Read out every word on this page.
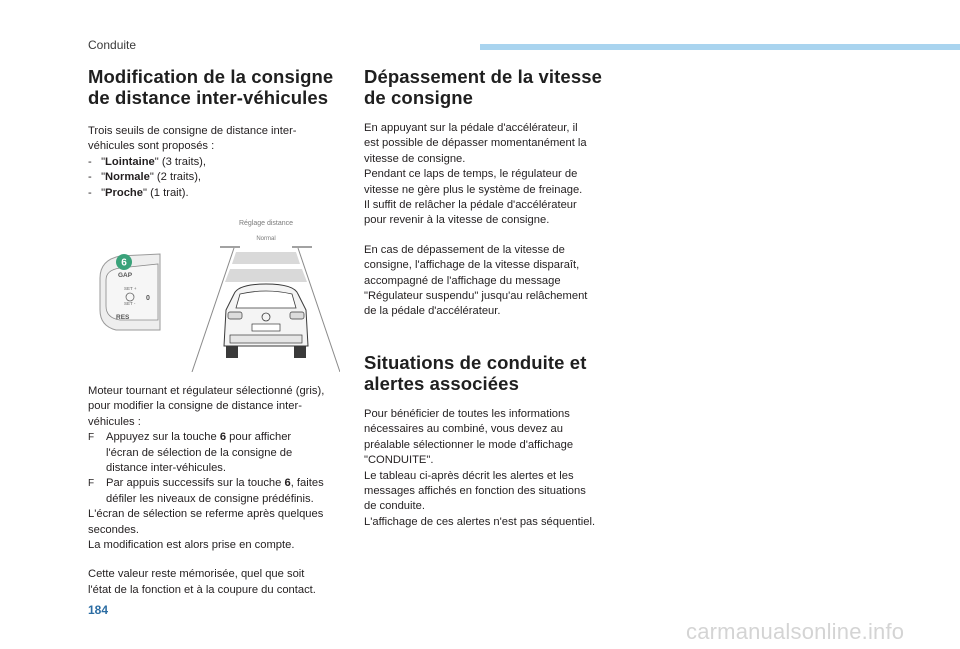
Conduite
Modification de la consigne
de distance inter-véhicules

Trois seuils de consigne de distance inter-
véhicules sont proposés :

- "Lointaine" (3 traits),
- "Normale" (2 traits),
- "Proche" (1 trait).

GAP
SET +
SET -
0
RES
6
Réglage distance
Normal

Moteur tournant et régulateur sélectionné (gris),
pour modifier la consigne de distance inter-
véhicules :
F Appuyez sur la touche 6 pour afficher
l'écran de sélection de la consigne de
distance inter-véhicules.
F Par appuis successifs sur la touche 6, faites
défiler les niveaux de consigne prédéfinis.
L'écran de sélection se referme après quelques
secondes.
La modification est alors prise en compte.

Cette valeur reste mémorisée, quel que soit
l'état de la fonction et à la coupure du contact.

Dépassement de la vitesse
de consigne

En appuyant sur la pédale d'accélérateur, il
est possible de dépasser momentanément la
vitesse de consigne.
Pendant ce laps de temps, le régulateur de
vitesse ne gère plus le système de freinage.
Il suffit de relâcher la pédale d'accélérateur
pour revenir à la vitesse de consigne.

En cas de dépassement de la vitesse de
consigne, l'affichage de la vitesse disparaît,
accompagné de l'affichage du message
"Régulateur suspendu" jusqu'au relâchement
de la pédale d'accélérateur.

Situations de conduite et
alertes associées

Pour bénéficier de toutes les informations
nécessaires au combiné, vous devez au
préalable sélectionner le mode d'affichage
"CONDUITE".
Le tableau ci-après décrit les alertes et les
messages affichés en fonction des situations
de conduite.
L'affichage de ces alertes n'est pas séquentiel.

184
carmanualsonline.info
